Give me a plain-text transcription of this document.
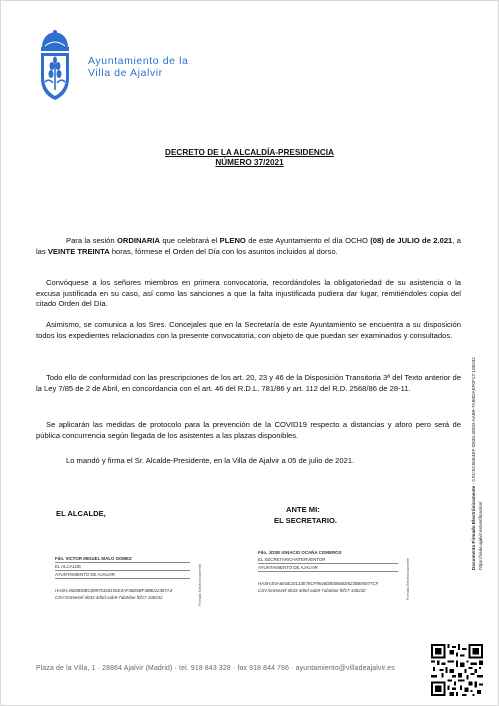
Ayuntamiento de la
Villa de Ajalvir
DECRETO DE LA ALCALDÍA-PRESIDENCIA
NÚMERO 37/2021
Para la sesión ORDINARIA que celebrará el PLENO de este Ayuntamiento el día OCHO (08) de JULIO de 2.021, a las VEINTE TREINTA horas, fórmese el Orden del Día con los asuntos incluidos al dorso.
Convóquese a los señores miembros en primera convocatoria, recordándoles la obligatoriedad de su asistencia o la excusa justificada en su caso, así como las sanciones a que la falta injustificada pudiera dar lugar, remitiéndoles copia del citado Orden del Día.
Asimismo, se comunica a los Sres. Concejales que en la Secretaría de este Ayuntamiento se encuentra a su disposición todos los expedientes relacionados con la presente convocatoria, con objeto de que puedan ser examinados y consultados.
Todo ello de conformidad con las prescripciones de los art. 20, 23 y 46 de la Disposición Transitoria 3ª del Texto anterior de la Ley 7/85 de 2 de Abril, en concordancia con el art. 46 del R.D.L. 781/86 y art. 112 del R.D. 2568/86 de 28-11.
Se aplicarán las medidas de protocolo para la prevención de la COVID19 respecto a distancias y aforo pero será de pública concurrencia según llegada de los asistentes a las plazas disponibles.
Lo mandó y firma el Sr. Alcalde-Presidente, en la Villa de Ajalvir a 05 de julio de 2021.
EL ALCALDE,	ANTE MI:
EL SECRETARIO.
Fdo. VICTOR MIGUEL MALO GOMEZ
EL ALCALDE
AYUNTAMIENTO DE AJALVIR
HASH:45D8D0BC89975346155E3AF46E6BF4B8012387A3
CSV:5c55e4ef-d633-4d5d-aab9-7ab0dae f0f17-108232	Firmado Electrónicamente
Fdo. JOSE IGNACIO OCAÑA CISNEROS
EL SECRETARIO-INTERVENTOR
AYUNTAMIENTO DE AJALVIR
HASH:E0A6E8E20133E78CF9546DB00606D623B805877CF
CSV:5c55e4ef-d633-4d5d-aab9-7ab0dae f0f17-108232	Firmado Electrónicamente
Documento Firmado Electrónicamente - CSV:5C55E4EF-D633-4D5D-AAB9-7AB0DAEF0F17-108232
https://sede.ajalvir.es/verificacion/
Plaza de la Villa, 1 · 28864 Ajalvir (Madrid) · tel. 918 843 328 · fax 918 844 786 · ayuntamiento@villadeajalvir.es
